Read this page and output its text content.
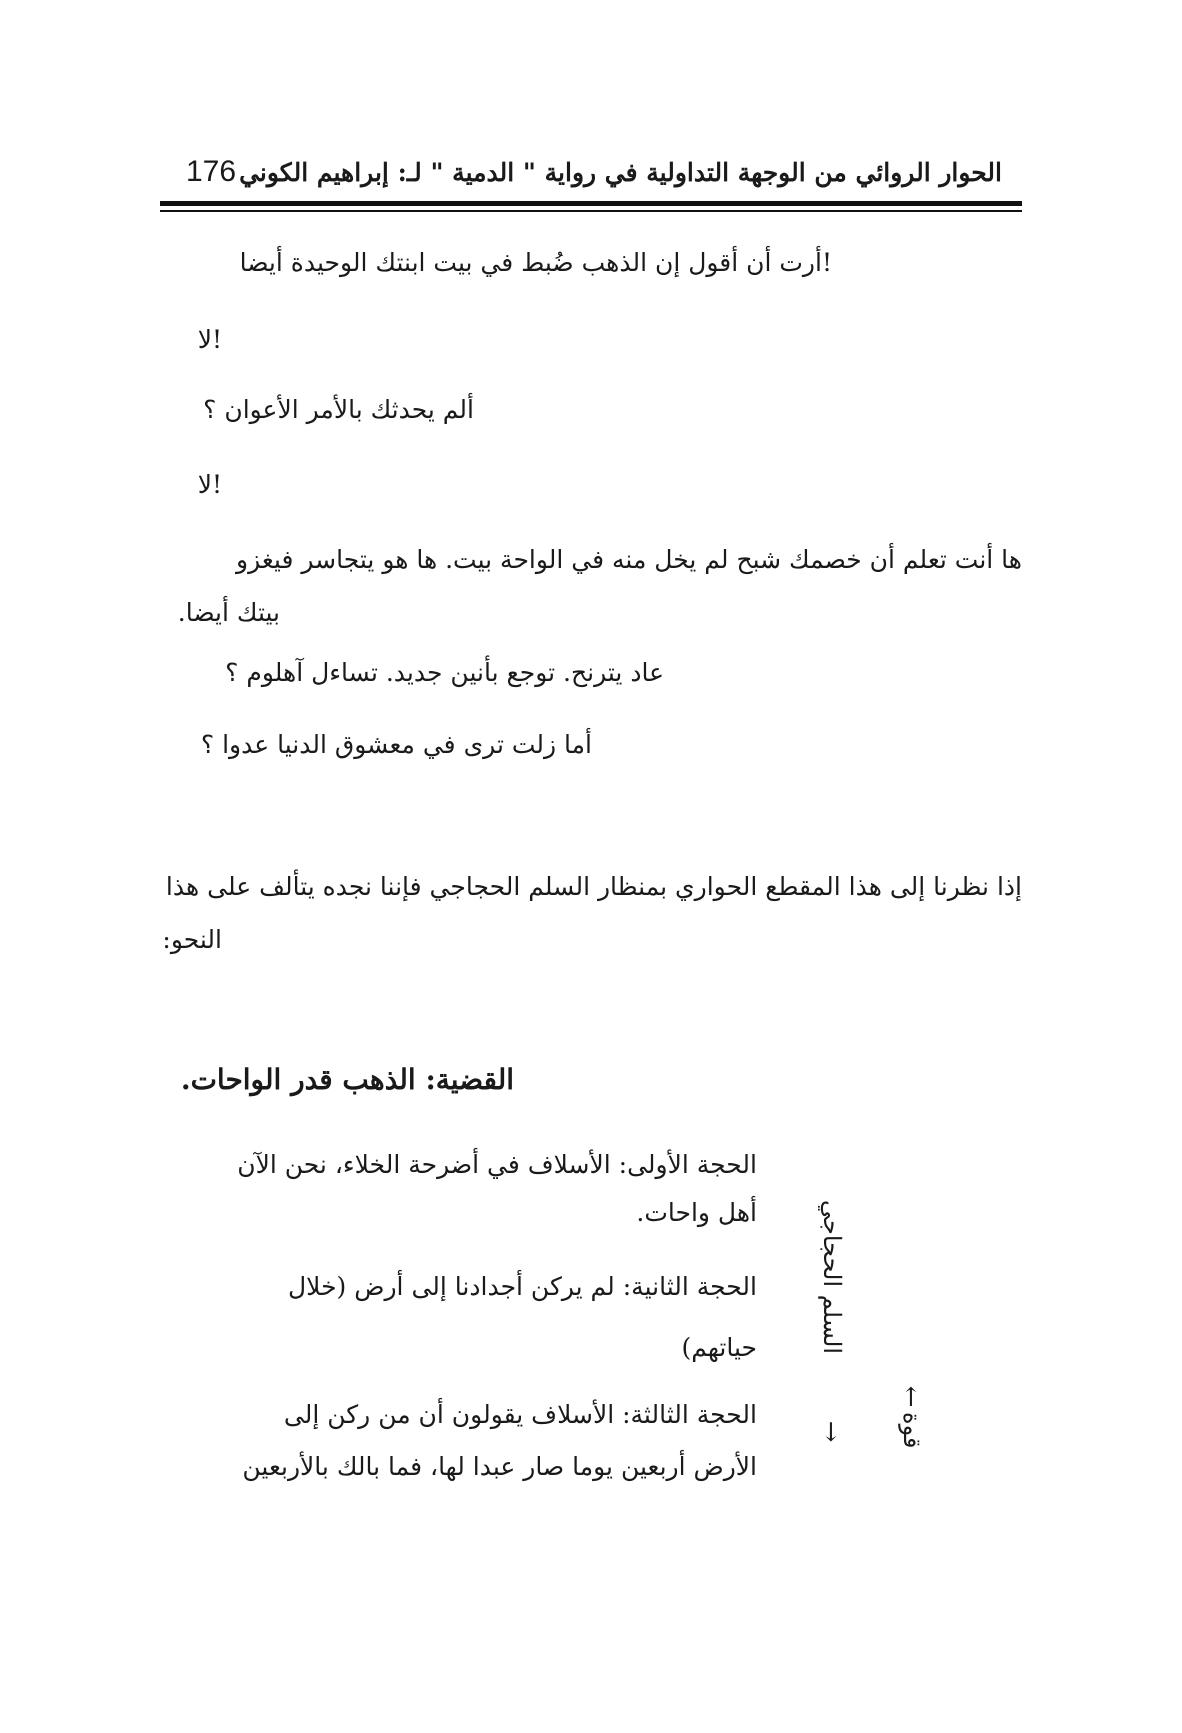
الحوار الروائي من الوجهة التداولية في رواية " الدمية " لـ: إبراهيم الكوني
176
!أرت أن أقول إن الذهب ضُبط في بيت ابنتك الوحيدة أيضا
!لا
ألم يحدثك بالأمر الأعوان ؟
!لا
ها أنت تعلم أن خصمك شبح لم يخل منه في الواحة بيت. ها هو يتجاسر فيغزو
بيتك أيضا.
عاد يترنح. توجع بأنين جديد. تساءل آهلوم ؟
أما زلت ترى في معشوق الدنيا عدوا ؟
إذا نظرنا إلى هذا المقطع الحواري بمنظار السلم الحجاجي فإننا نجده يتألف على هذا
النحو:
القضية: الذهب قدر الواحات.
الحجة الأولى: الأسلاف في أضرحة الخلاء، نحن الآن
أهل واحات.
الحجة الثانية: لم يركن أجدادنا إلى أرض (خلال
حياتهم)
الحجة الثالثة: الأسلاف يقولون أن من ركن إلى
الأرض أربعين يوما صار عبدا لها، فما بالك بالأربعين
السلم الحجاجي
↓
↑
قوة
